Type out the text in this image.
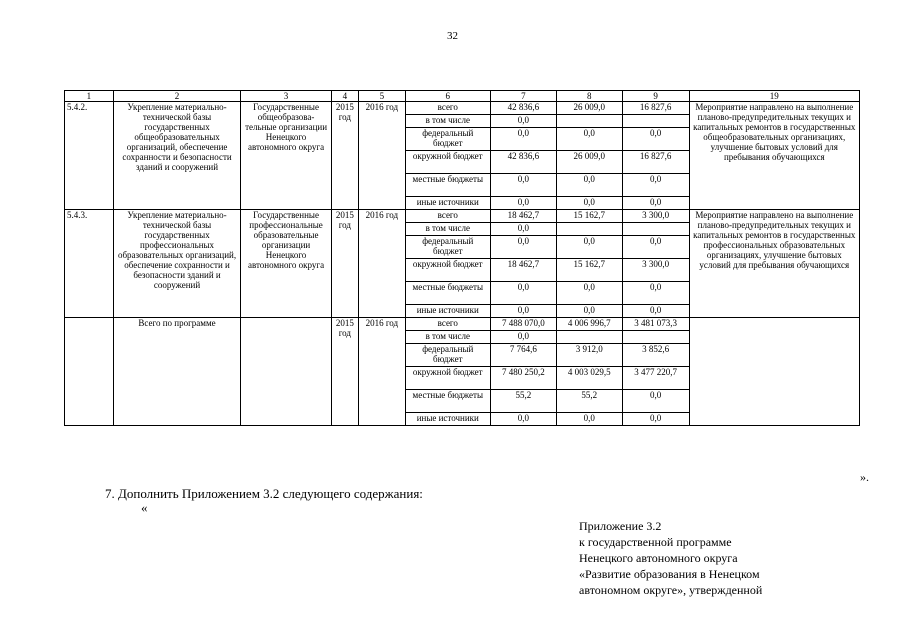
32
1	2	3	4	5	6	7	8	9	19
5.4.2.	Укрепление материально-технической базы государственных общеобразовательных организаций, обеспечение сохранности и безопасности зданий и сооружений	Государственные общеобразова-тельные организации Ненецкого автономного округа	2015 год	2016 год	всего	42 836,6	26 009,0	16 827,6	Мероприятие направлено на выполнение планово-предупредительных текущих и капитальных ремонтов в государственных общеобразовательных организациях, улучшение бытовых условий для пребывания обучающихся
					в том числе	0,0			
					федеральный бюджет	0,0	0,0	0,0	
					окружной бюджет	42 836,6	26 009,0	16 827,6	
					местные бюджеты	0,0	0,0	0,0	
					иные источники	0,0	0,0	0,0	
5.4.3.	Укрепление материально-технической базы государственных профессиональных образовательных организаций, обеспечение сохранности и безопасности зданий и сооружений	Государственные профессиональные образовательные организации Ненецкого автономного округа	2015 год	2016 год	всего	18 462,7	15 162,7	3 300,0	Мероприятие направлено на выполнение планово-предупредительных текущих и капитальных ремонтов в государственных профессиональных образовательных организациях, улучшение бытовых условий для пребывания обучающихся
					в том числе	0,0			
					федеральный бюджет	0,0	0,0	0,0	
					окружной бюджет	18 462,7	15 162,7	3 300,0	
					местные бюджеты	0,0	0,0	0,0	
					иные источники	0,0	0,0	0,0	
	Всего по программе		2015 год	2016 год	всего	7 488 070,0	4 006 996,7	3 481 073,3	
					в том числе	0,0			
					федеральный бюджет	7 764,6	3 912,0	3 852,6	
					окружной бюджет	7 480 250,2	4 003 029,5	3 477 220,7	
					местные бюджеты	55,2	55,2	0,0	
					иные источники	0,0	0,0	0,0	
».
7. Дополнить Приложением 3.2 следующего содержания:
«
Приложение 3.2
к государственной программе
Ненецкого автономного округа
«Развитие образования в Ненецком
автономном округе», утвержденной
